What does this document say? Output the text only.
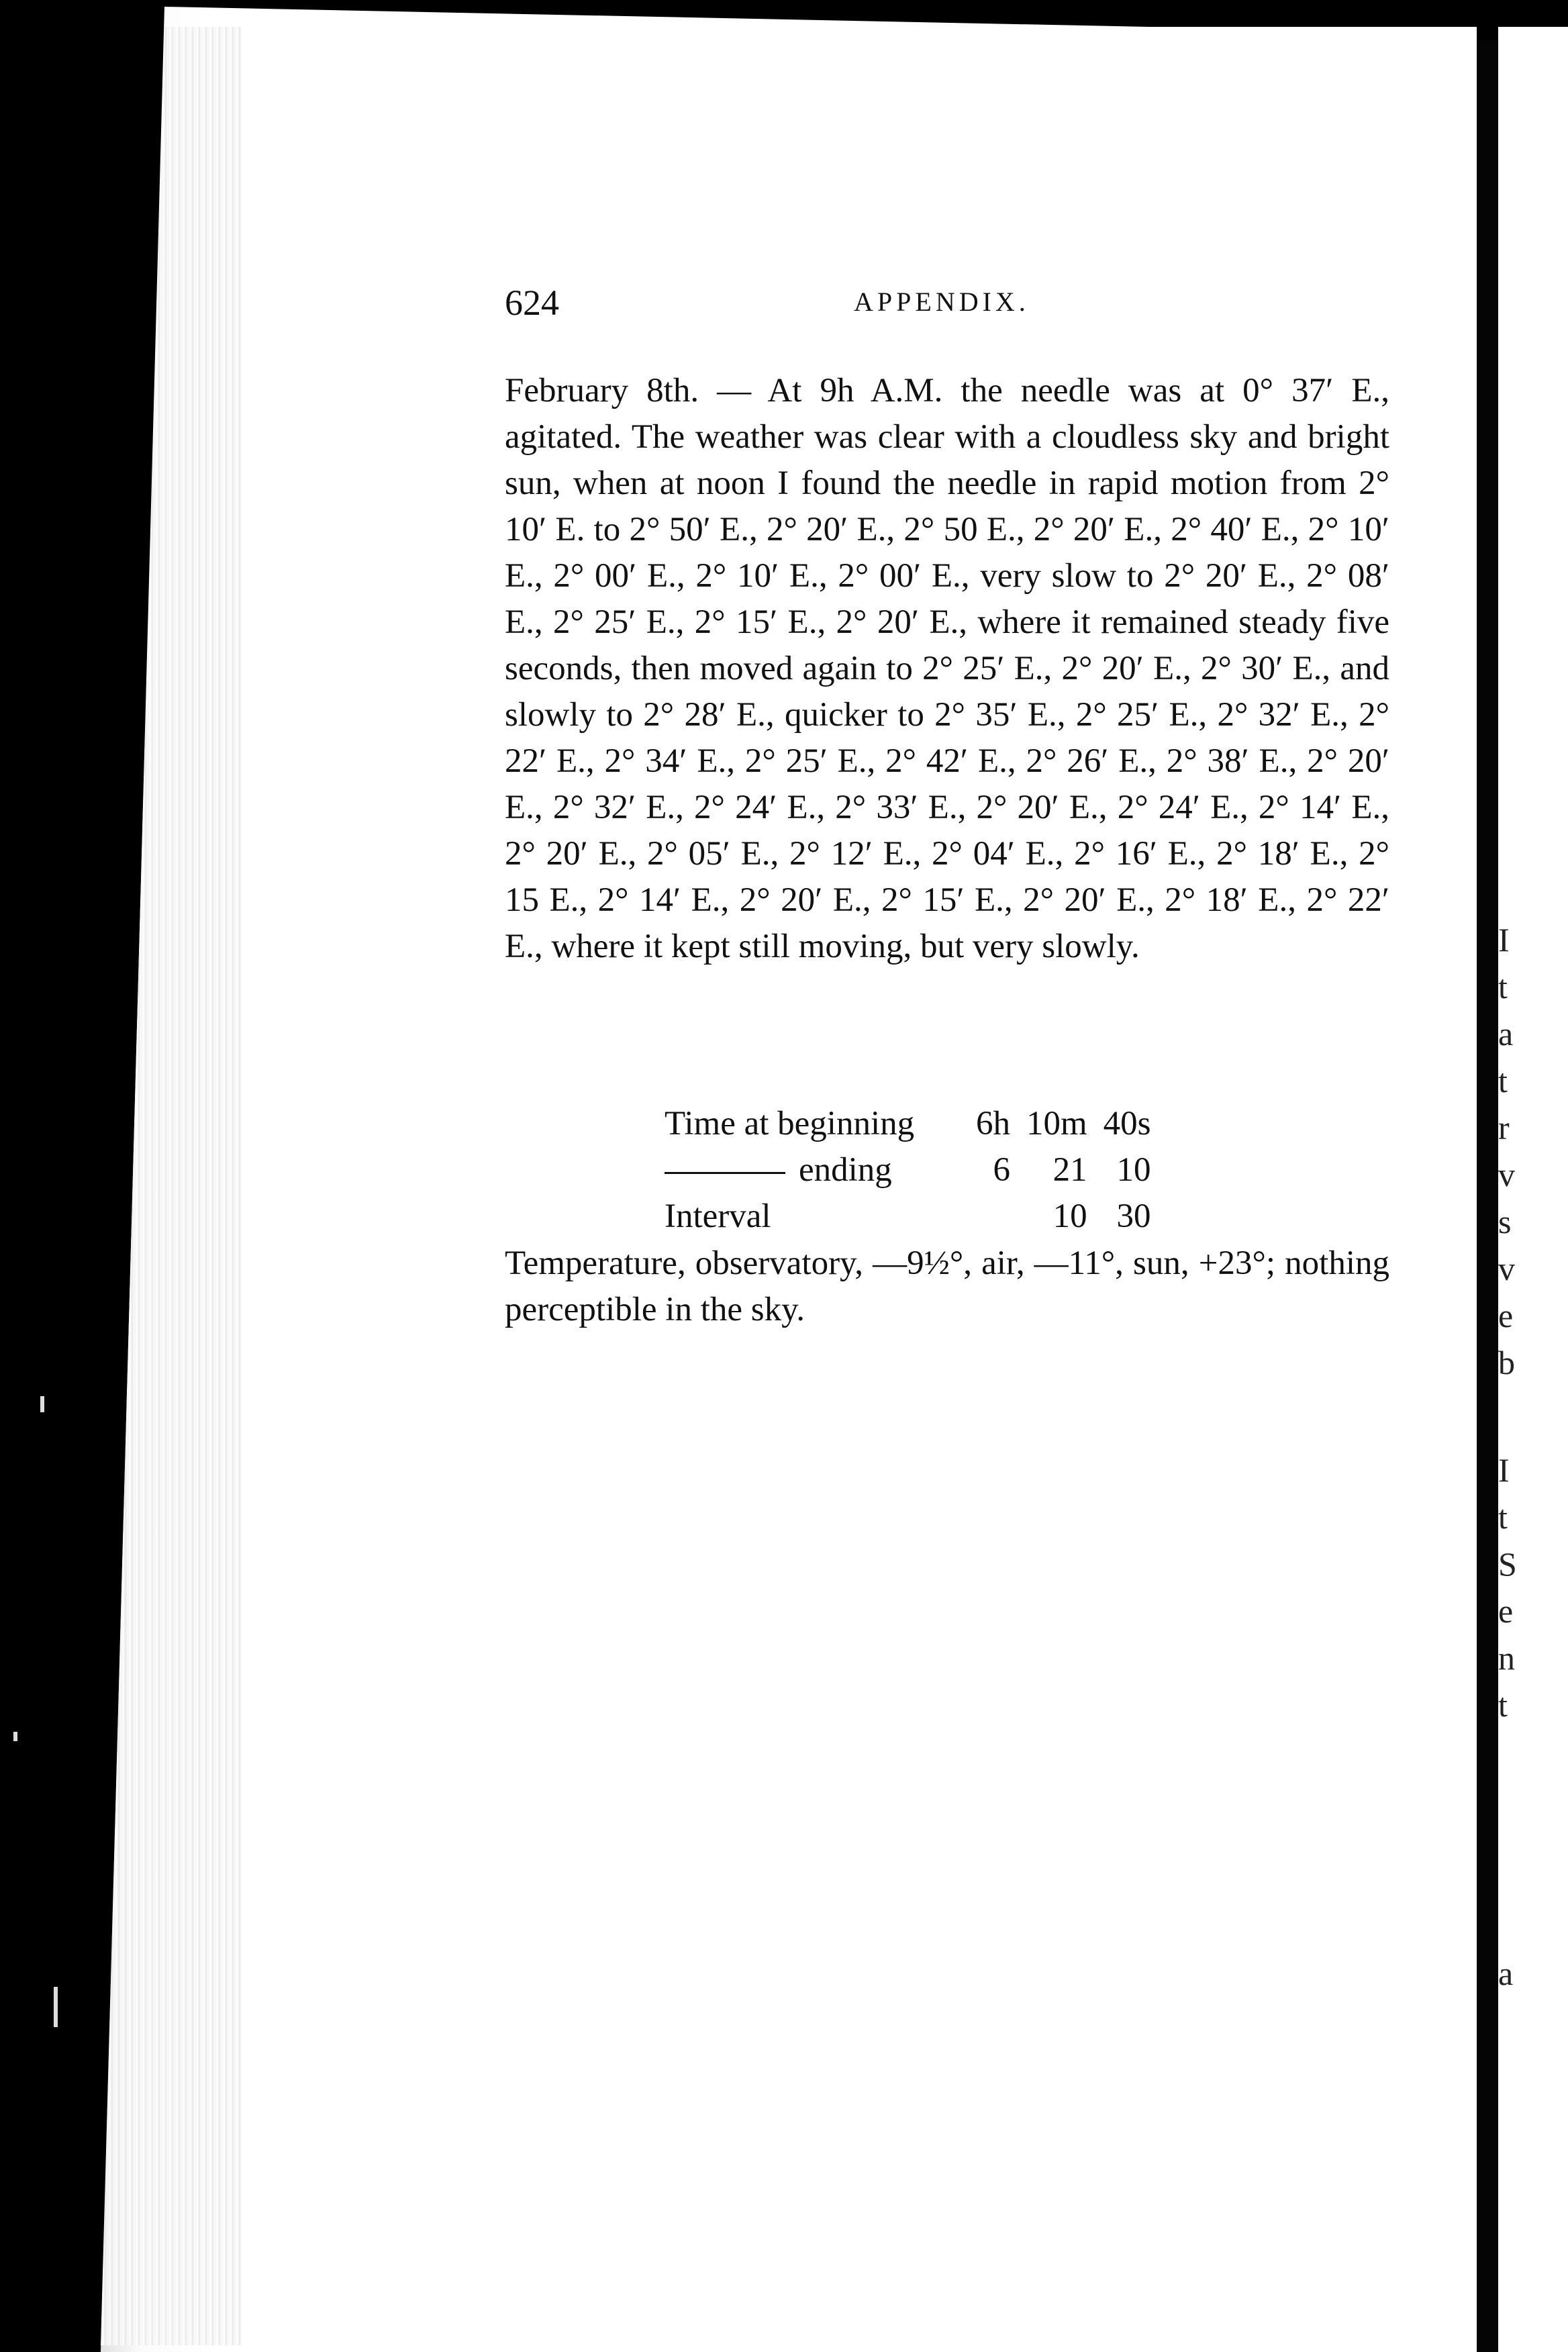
I
t
a
t
r
v
s
v
e
b
I
t
S
e
n
t
a
624	APPENDIX.

February 8th. — At 9h A.M. the needle was at 0° 37′ E., agitated. The weather was clear with a cloudless sky and bright sun, when at noon I found the needle in rapid motion from 2° 10′ E. to 2° 50′ E., 2° 20′ E., 2° 50 E., 2° 20′ E., 2° 40′ E., 2° 10′ E., 2° 00′ E., 2° 10′ E., 2° 00′ E., very slow to 2° 20′ E., 2° 08′ E., 2° 25′ E., 2° 15′ E., 2° 20′ E., where it remained steady five seconds, then moved again to 2° 25′ E., 2° 20′ E., 2° 30′ E., and slowly to 2° 28′ E., quicker to 2° 35′ E., 2° 25′ E., 2° 32′ E., 2° 22′ E., 2° 34′ E., 2° 25′ E., 2° 42′ E., 2° 26′ E., 2° 38′ E., 2° 20′ E., 2° 32′ E., 2° 24′ E., 2° 33′ E., 2° 20′ E., 2° 24′ E., 2° 14′ E., 2° 20′ E., 2° 05′ E., 2° 12′ E., 2° 04′ E., 2° 16′ E., 2° 18′ E., 2° 15 E., 2° 14′ E., 2° 20′ E., 2° 15′ E., 2° 20′ E., 2° 18′ E., 2° 22′ E., where it kept still moving, but very slowly.

Time at beginning	6h	10m	40s
ending	6	21	10
Interval		10	30

Temperature, observatory, —9½°, air, —11°, sun, +23°; nothing perceptible in the sky.
